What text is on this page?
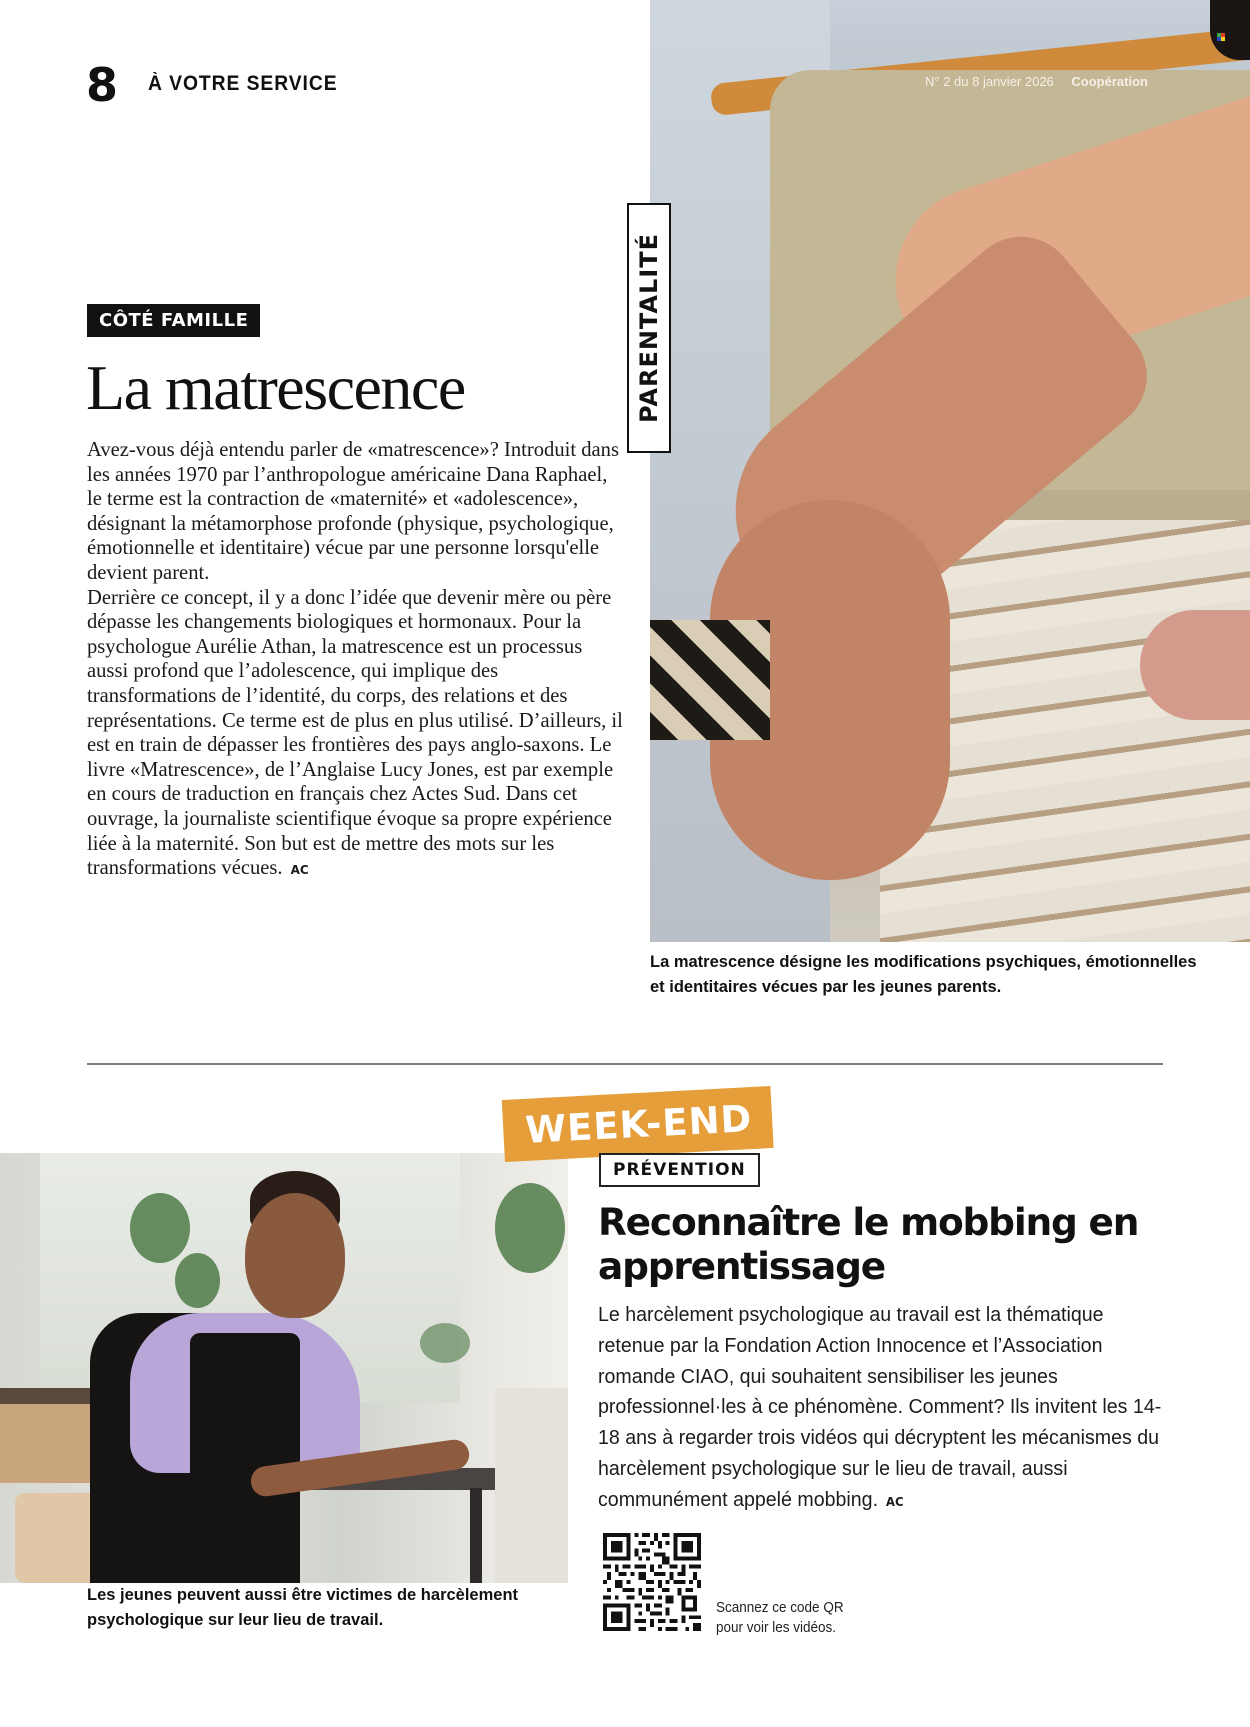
8 À VOTRE SERVICE	N° 2 du 8 janvier 2026 Coopération
PARENTALITÉ
CÔTÉ FAMILLE
La matrescence

Avez-vous déjà entendu parler de «matrescence»? Introduit dans les années 1970 par l’anthropologue américaine Dana Raphael, le terme est la contraction de «maternité» et «adolescence», désignant la métamorphose profonde (physique, psychologique, émotionnelle et identitaire) vécue par une personne lorsqu'elle devient parent.

Derrière ce concept, il y a donc l’idée que devenir mère ou père dépasse les changements biologiques et hormonaux. Pour la psychologue Aurélie Athan, la matrescence est un processus aussi profond que l’adolescence, qui implique des transformations de l’identité, du corps, des relations et des représentations. Ce terme est de plus en plus utilisé. D’ailleurs, il est en train de dépasser les frontières des pays anglo-saxons. Le livre «Matrescence», de l’Anglaise Lucy Jones, est par exemple en cours de traduction en français chez Actes Sud. Dans cet ouvrage, la journaliste scientifique évoque sa propre expérience liée à la maternité. Son but est de mettre des mots sur les transformations vécues. AC

La matrescence désigne les modifications psychiques, émotionnelles et identitaires vécues par les jeunes parents.
Les jeunes peuvent aussi être victimes de harcèlement psychologique sur leur lieu de travail.
WEEK-END
PRÉVENTION
Reconnaître le mobbing en apprentissage
Le harcèlement psychologique au travail est la thématique retenue par la Fondation Action Innocence et l’Association romande CIAO, qui souhaitent sensibiliser les jeunes professionnel·les à ce phénomène. Comment? Ils invitent les 14-18 ans à regarder trois vidéos qui décryptent les mécanismes du harcèlement psychologique sur le lieu de travail, aussi communément appelé mobbing. AC
Scannez ce code QR
pour voir les vidéos.
